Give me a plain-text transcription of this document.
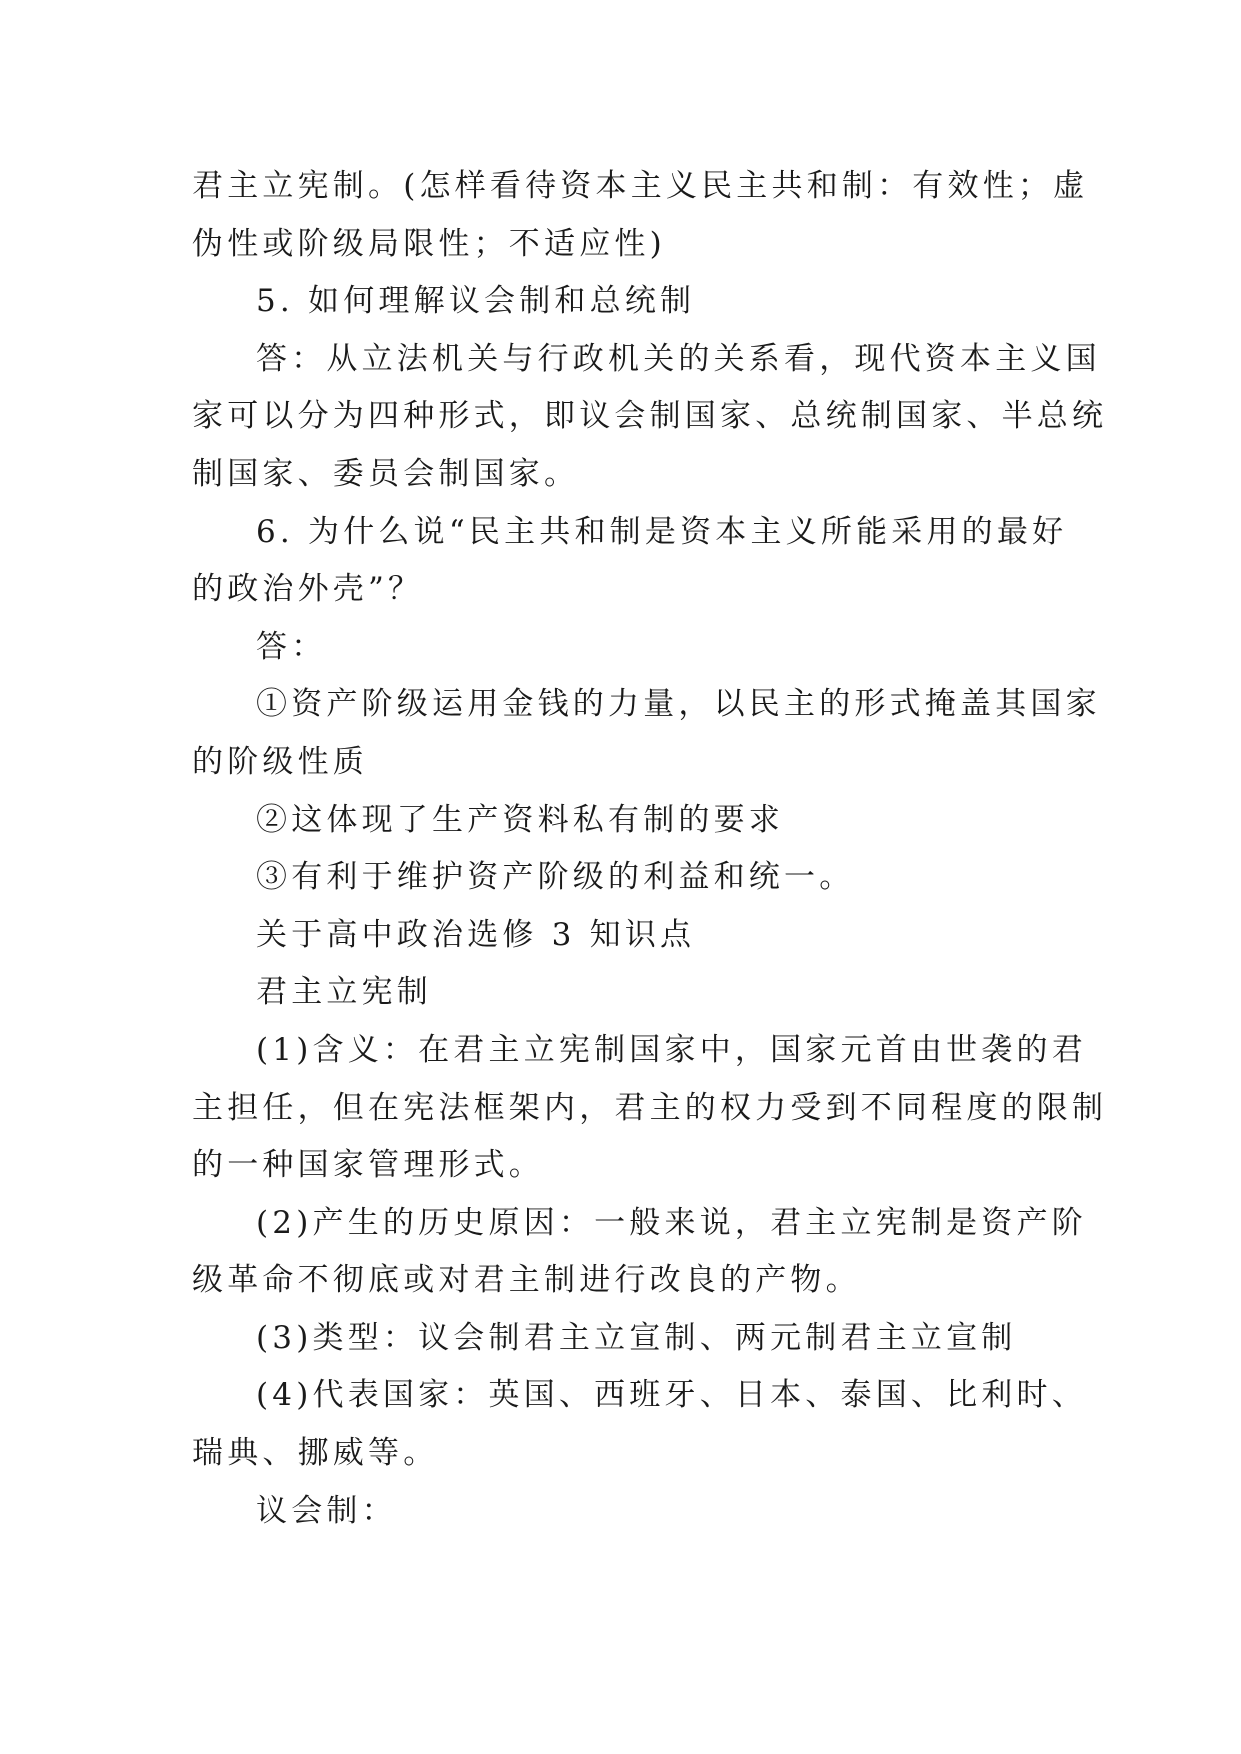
君主立宪制。(怎样看待资本主义民主共和制：有效性；虚
伪性或阶级局限性；不适应性)
5. 如何理解议会制和总统制
答：从立法机关与行政机关的关系看，现代资本主义国
家可以分为四种形式，即议会制国家、总统制国家、半总统
制国家、委员会制国家。
6. 为什么说“民主共和制是资本主义所能采用的最好
的政治外壳”？
答：
①资产阶级运用金钱的力量，以民主的形式掩盖其国家
的阶级性质
②这体现了生产资料私有制的要求
③有利于维护资产阶级的利益和统一。
关于高中政治选修 3 知识点
君主立宪制
(1)含义：在君主立宪制国家中，国家元首由世袭的君
主担任，但在宪法框架内，君主的权力受到不同程度的限制
的一种国家管理形式。
(2)产生的历史原因：一般来说，君主立宪制是资产阶
级革命不彻底或对君主制进行改良的产物。
(3)类型：议会制君主立宣制、两元制君主立宣制
(4)代表国家：英国、西班牙、日本、泰国、比利时、
瑞典、挪威等。
议会制：
